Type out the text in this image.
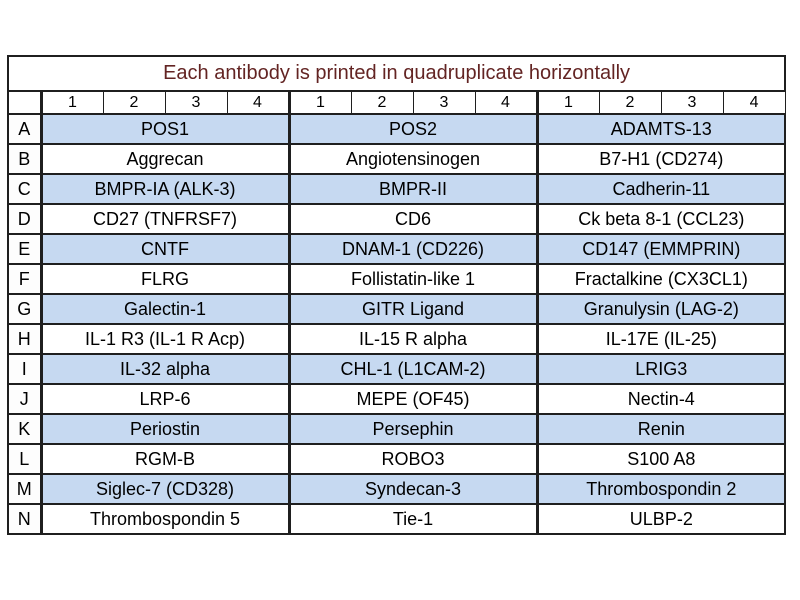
Each antibody is printed in quadruplicate horizontally												
	1	2	3	4	1	2	3	4	1	2	3	4
A	POS1				POS2				ADAMTS-13			
B	Aggrecan				Angiotensinogen				B7-H1 (CD274)			
C	BMPR-IA (ALK-3)				BMPR-II				Cadherin-11			
D	CD27 (TNFRSF7)				CD6				Ck beta 8-1 (CCL23)			
E	CNTF				DNAM-1 (CD226)				CD147 (EMMPRIN)			
F	FLRG				Follistatin-like 1				Fractalkine (CX3CL1)			
G	Galectin-1				GITR Ligand				Granulysin (LAG-2)			
H	IL-1 R3 (IL-1 R Acp)				IL-15 R alpha				IL-17E (IL-25)			
I	IL-32 alpha				CHL-1 (L1CAM-2)				LRIG3			
J	LRP-6				MEPE (OF45)				Nectin-4			
K	Periostin				Persephin				Renin			
L	RGM-B				ROBO3				S100 A8			
M	Siglec-7 (CD328)				Syndecan-3				Thrombospondin 2			
N	Thrombospondin 5				Tie-1				ULBP-2			
